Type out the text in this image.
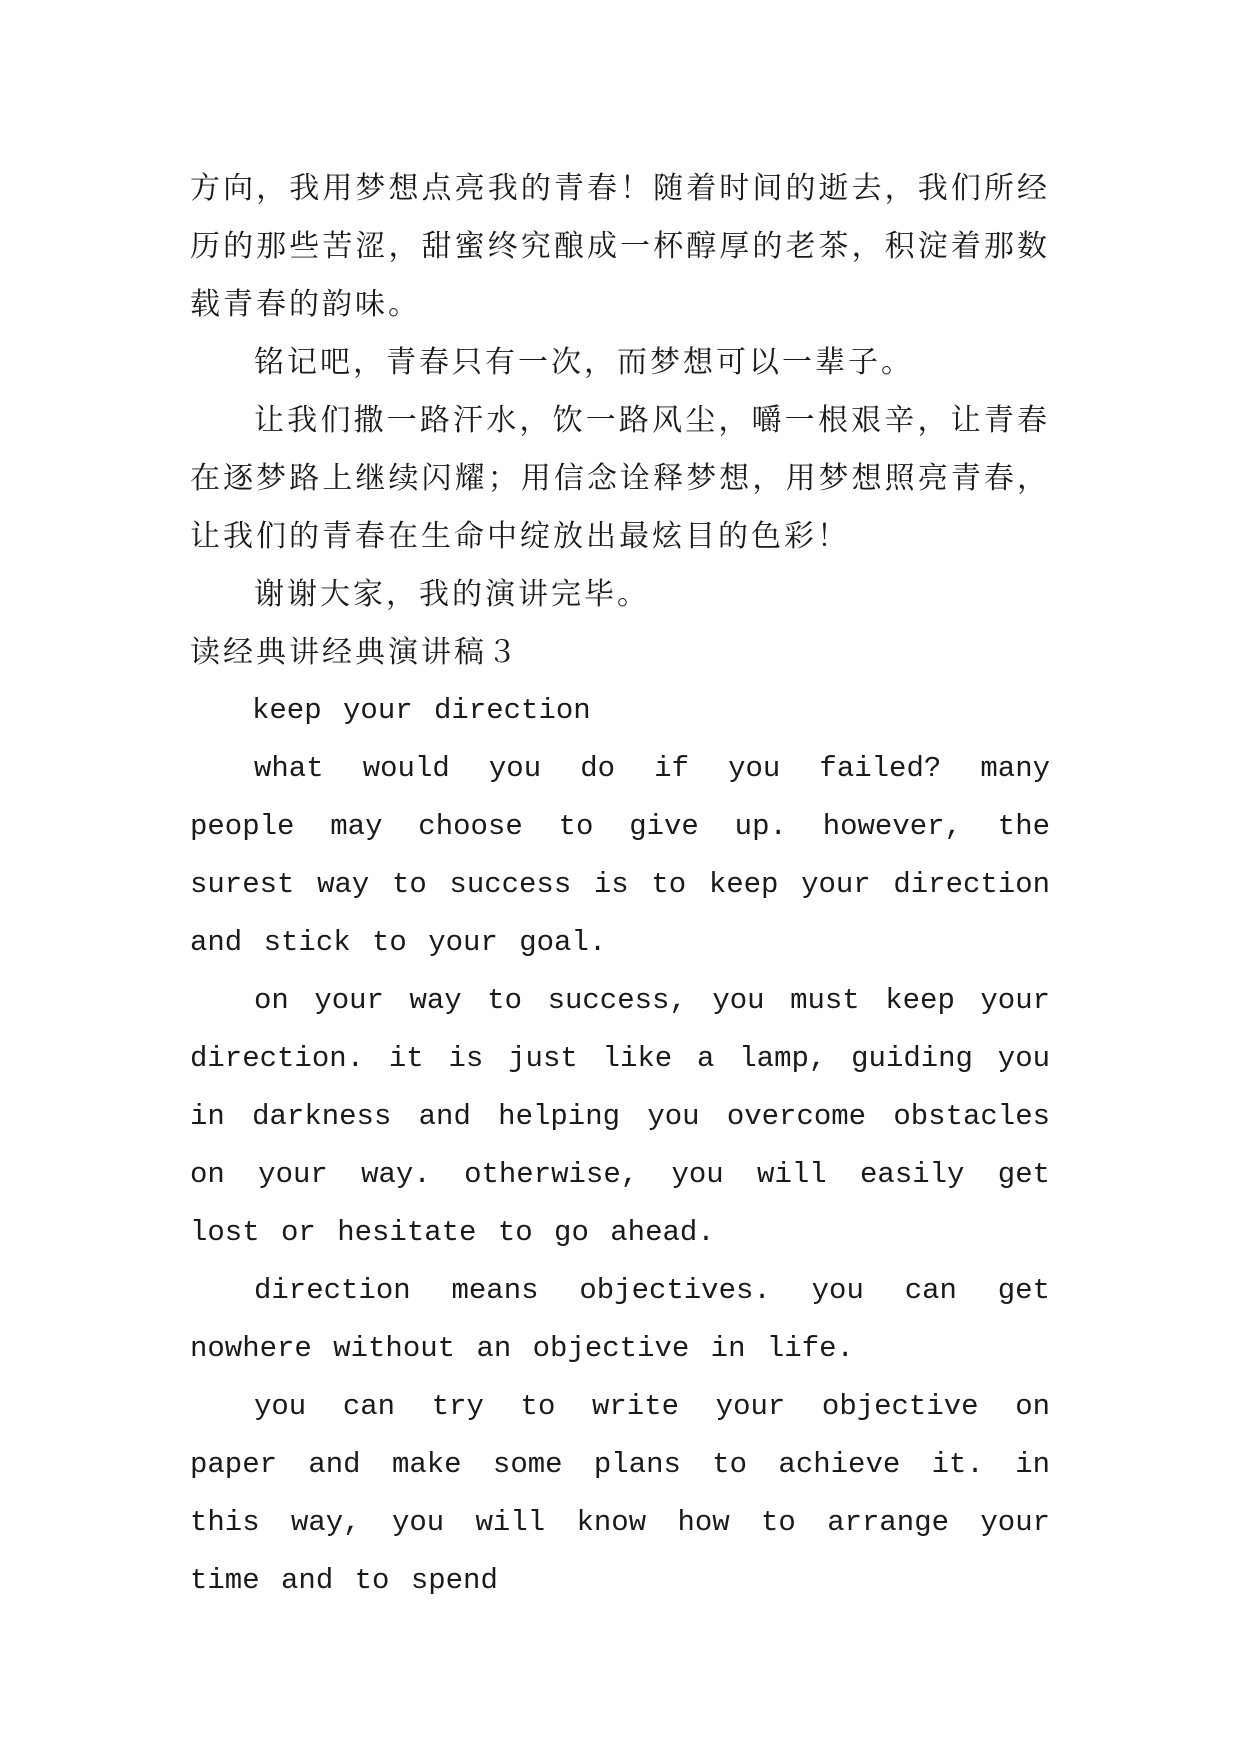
方向，我用梦想点亮我的青春！随着时间的逝去，我们所经历的那些苦涩，甜蜜终究酿成一杯醇厚的老茶，积淀着那数载青春的韵味。

铭记吧，青春只有一次，而梦想可以一辈子。

让我们撒一路汗水，饮一路风尘，嚼一根艰辛，让青春在逐梦路上继续闪耀；用信念诠释梦想，用梦想照亮青春，让我们的青春在生命中绽放出最炫目的色彩！

谢谢大家，我的演讲完毕。

读经典讲经典演讲稿３

keep your direction

what would you do if you failed? many people may choose to give up. however, the surest way to success is to keep your direction and stick to your goal.

on your way to success, you must keep your direction. it is just like a lamp, guiding you in darkness and helping you overcome obstacles on your way. otherwise, you will easily get lost or hesitate to go ahead.

direction means objectives. you can get nowhere without an objective in life.

you can try to write your objective on paper and make some plans to achieve it. in this way, you will know how to arrange your time and to spend
